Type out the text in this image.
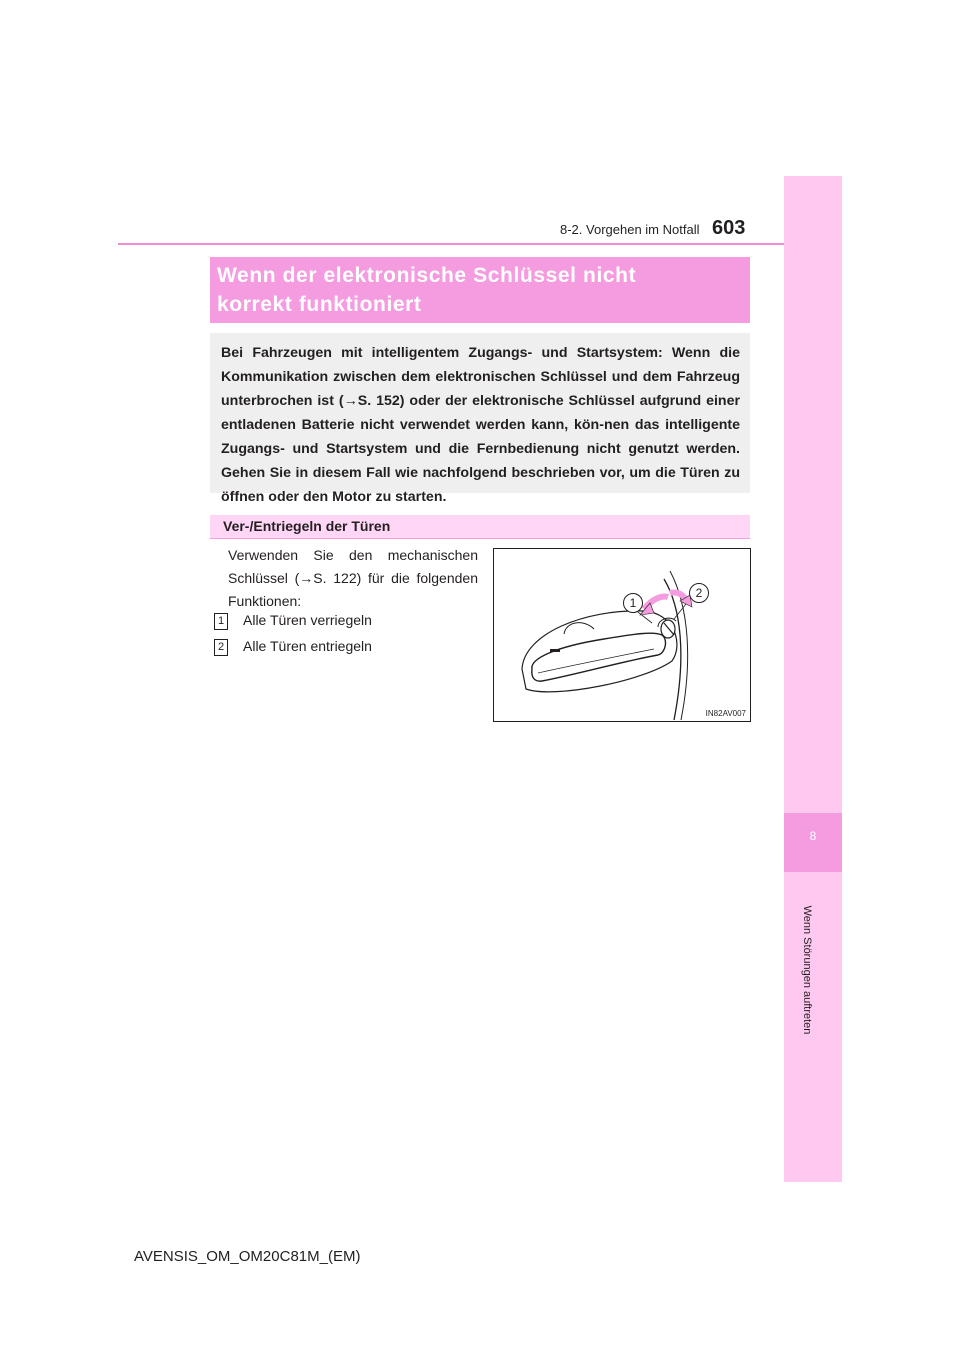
8-2. Vorgehen im Notfall 603
8
Wenn Störungen auftreten
Wenn der elektronische Schlüssel nicht
korrekt funktioniert
Bei Fahrzeugen mit intelligentem Zugangs- und Startsystem: Wenn die Kommunikation zwischen dem elektronischen Schlüssel und dem Fahrzeug unterbrochen ist (→S. 152) oder der elektronische Schlüssel aufgrund einer entladenen Batterie nicht verwendet werden kann, kön-nen das intelligente Zugangs- und Startsystem und die Fernbedienung nicht genutzt werden. Gehen Sie in diesem Fall wie nachfolgend beschrieben vor, um die Türen zu öffnen oder den Motor zu starten.
Ver-/Entriegeln der Türen
Verwenden Sie den mechanischen Schlüssel (→S. 122) für die folgenden Funktionen:
1 Alle Türen verriegeln
2 Alle Türen entriegeln
1
2
IN82AV007
AVENSIS_OM_OM20C81M_(EM)
